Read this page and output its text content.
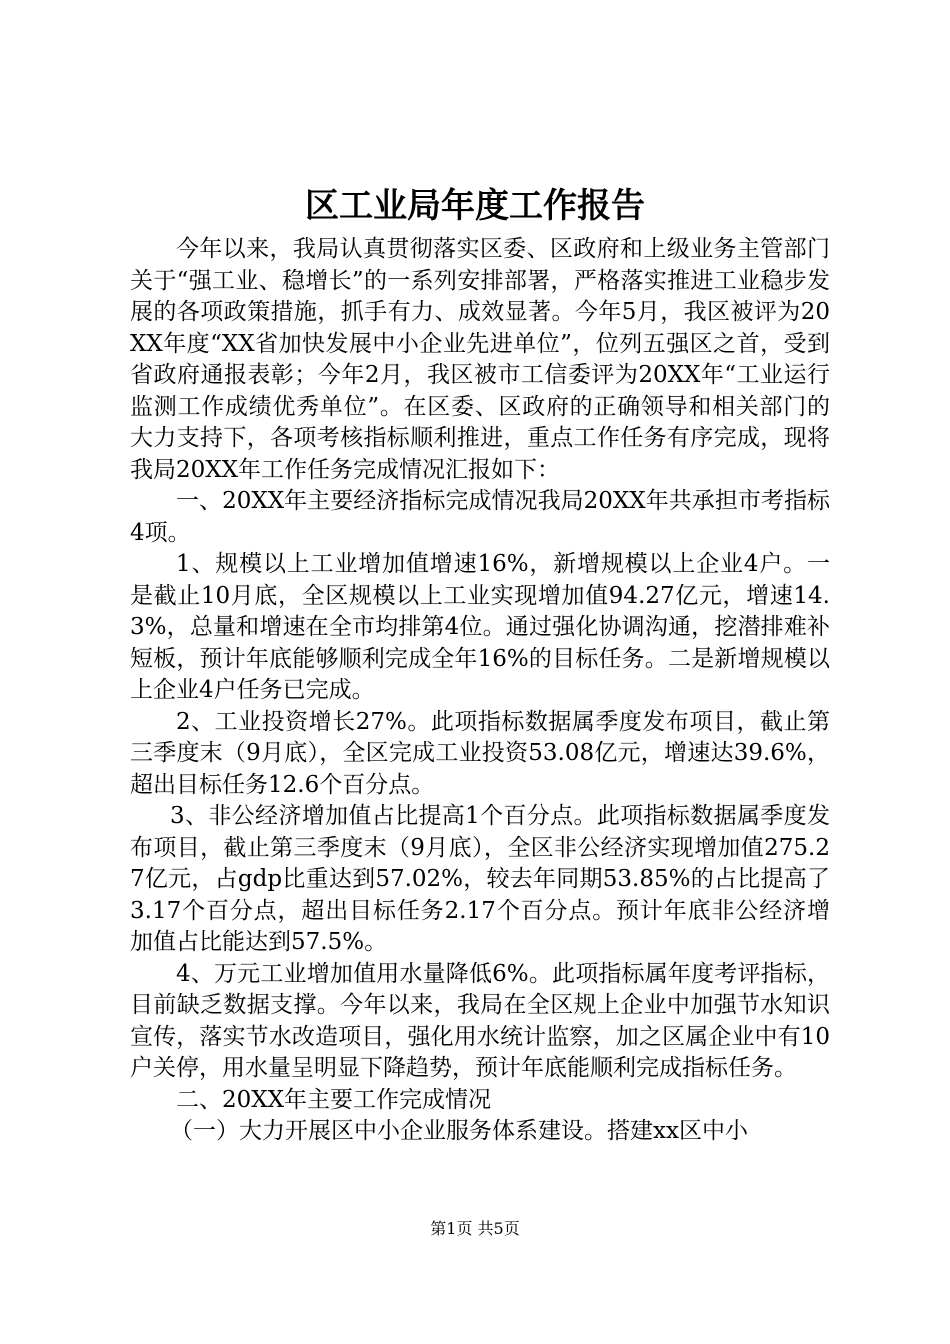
区工业局年度工作报告

今年以来，我局认真贯彻落实区委、区政府和上级业务主管部门关于“强工业、稳增长”的一系列安排部署，严格落实推进工业稳步发展的各项政策措施，抓手有力、成效显著。今年5月，我区被评为20XX年度“XX省加快发展中小企业先进单位”，位列五强区之首，受到省政府通报表彰；今年2月，我区被市工信委评为20XX年“工业运行监测工作成绩优秀单位”。在区委、区政府的正确领导和相关部门的大力支持下，各项考核指标顺利推进，重点工作任务有序完成，现将我局20XX年工作任务完成情况汇报如下：

一、20XX年主要经济指标完成情况我局20XX年共承担市考指标4项。

1、规模以上工业增加值增速16%，新增规模以上企业4户。一是截止10月底，全区规模以上工业实现增加值94.27亿元，增速14.3%，总量和增速在全市均排第4位。通过强化协调沟通，挖潜排难补短板，预计年底能够顺利完成全年16%的目标任务。二是新增规模以上企业4户任务已完成。

2、工业投资增长27%。此项指标数据属季度发布项目，截止第三季度末（9月底），全区完成工业投资53.08亿元，增速达39.6%，超出目标任务12.6个百分点。

3、非公经济增加值占比提高1个百分点。此项指标数据属季度发布项目，截止第三季度末（9月底），全区非公经济实现增加值275.27亿元，占gdp比重达到57.02%，较去年同期53.85%的占比提高了3.17个百分点，超出目标任务2.17个百分点。预计年底非公经济增加值占比能达到57.5%。

4、万元工业增加值用水量降低6%。此项指标属年度考评指标，目前缺乏数据支撑。今年以来，我局在全区规上企业中加强节水知识宣传，落实节水改造项目，强化用水统计监察，加之区属企业中有10户关停，用水量呈明显下降趋势，预计年底能顺利完成指标任务。

二、20XX年主要工作完成情况

（一）大力开展区中小企业服务体系建设。搭建xx区中小

第1页 共5页
